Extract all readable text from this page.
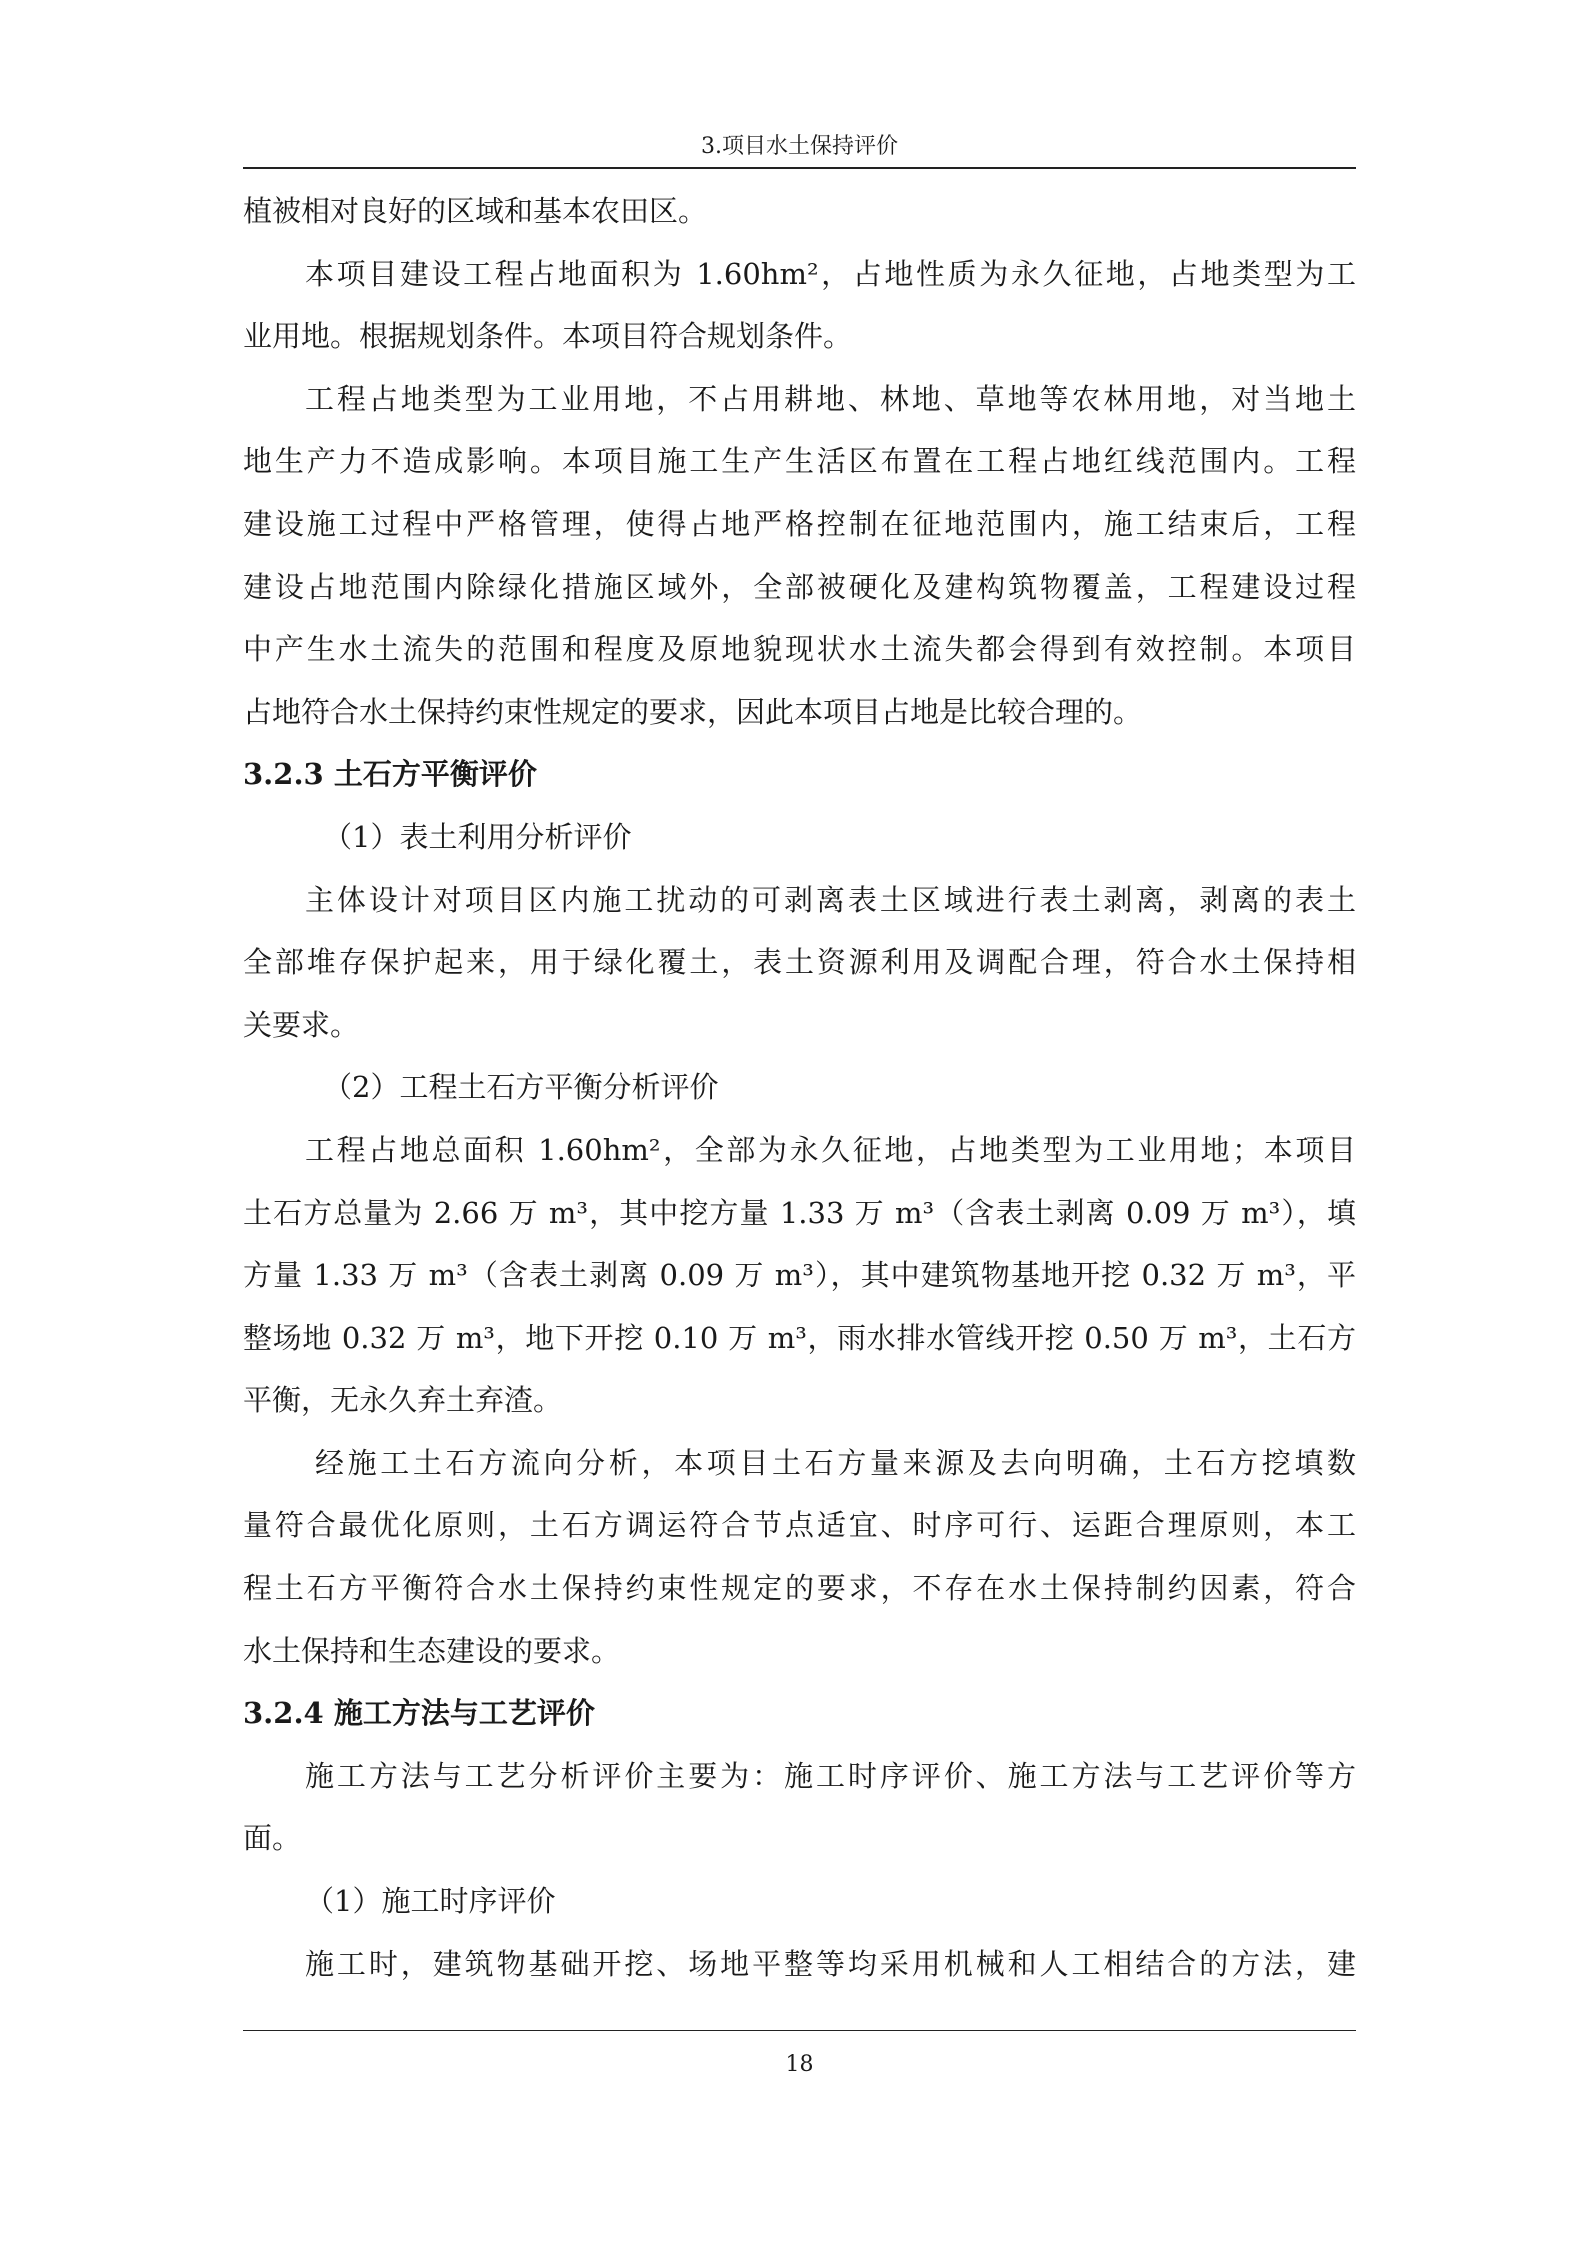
3.项目水土保持评价
植被相对良好的区域和基本农田区。
本项目建设工程占地面积为 1.60hm²，占地性质为永久征地，占地类型为工
业用地。根据规划条件。本项目符合规划条件。
工程占地类型为工业用地，不占用耕地、林地、草地等农林用地，对当地土
地生产力不造成影响。本项目施工生产生活区布置在工程占地红线范围内。工程
建设施工过程中严格管理，使得占地严格控制在征地范围内，施工结束后，工程
建设占地范围内除绿化措施区域外，全部被硬化及建构筑物覆盖，工程建设过程
中产生水土流失的范围和程度及原地貌现状水土流失都会得到有效控制。本项目
占地符合水土保持约束性规定的要求，因此本项目占地是比较合理的。
3.2.3 土石方平衡评价
（1）表土利用分析评价
主体设计对项目区内施工扰动的可剥离表土区域进行表土剥离，剥离的表土
全部堆存保护起来，用于绿化覆土，表土资源利用及调配合理，符合水土保持相
关要求。
（2）工程土石方平衡分析评价
工程占地总面积 1.60hm²，全部为永久征地，占地类型为工业用地；本项目
土石方总量为 2.66 万 m³，其中挖方量 1.33 万 m³（含表土剥离 0.09 万 m³），填
方量 1.33 万 m³（含表土剥离 0.09 万 m³），其中建筑物基地开挖 0.32 万 m³，平
整场地 0.32 万 m³，地下开挖 0.10 万 m³，雨水排水管线开挖 0.50 万 m³，土石方
平衡，无永久弃土弃渣。
经施工土石方流向分析，本项目土石方量来源及去向明确，土石方挖填数
量符合最优化原则，土石方调运符合节点适宜、时序可行、运距合理原则，本工
程土石方平衡符合水土保持约束性规定的要求，不存在水土保持制约因素，符合
水土保持和生态建设的要求。
3.2.4 施工方法与工艺评价
施工方法与工艺分析评价主要为：施工时序评价、施工方法与工艺评价等方
面。
（1）施工时序评价
施工时，建筑物基础开挖、场地平整等均采用机械和人工相结合的方法，建
18
